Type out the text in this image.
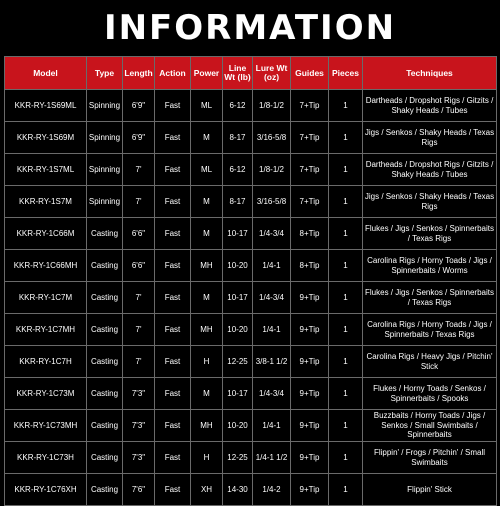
INFORMATION
Model	Type	Length	Action	Power	Line Wt (lb)	Lure Wt (oz)	Guides	Pieces	Techniques
KKR-RY-1S69ML	Spinning	6'9"	Fast	ML	6-12	1/8-1/2	7+Tip	1	Dartheads / Dropshot Rigs / Gitzits / Shaky Heads / Tubes
KKR-RY-1S69M	Spinning	6'9"	Fast	M	8-17	3/16-5/8	7+Tip	1	Jigs / Senkos / Shaky Heads / Texas Rigs
KKR-RY-1S7ML	Spinning	7'	Fast	ML	6-12	1/8-1/2	7+Tip	1	Dartheads / Dropshot Rigs / Gitzits / Shaky Heads / Tubes
KKR-RY-1S7M	Spinning	7'	Fast	M	8-17	3/16-5/8	7+Tip	1	Jigs / Senkos / Shaky Heads / Texas Rigs
KKR-RY-1C66M	Casting	6'6"	Fast	M	10-17	1/4-3/4	8+Tip	1	Flukes / Jigs / Senkos / Spinnerbaits / Texas Rigs
KKR-RY-1C66MH	Casting	6'6"	Fast	MH	10-20	1/4-1	8+Tip	1	Carolina Rigs / Horny Toads / Jigs / Spinnerbaits / Worms
KKR-RY-1C7M	Casting	7'	Fast	M	10-17	1/4-3/4	9+Tip	1	Flukes / Jigs / Senkos / Spinnerbaits / Texas Rigs
KKR-RY-1C7MH	Casting	7'	Fast	MH	10-20	1/4-1	9+Tip	1	Carolina Rigs / Horny Toads / Jigs / Spinnerbaits / Texas Rigs
KKR-RY-1C7H	Casting	7'	Fast	H	12-25	3/8-1 1/2	9+Tip	1	Carolina Rigs / Heavy Jigs / Pitchin' Stick
KKR-RY-1C73M	Casting	7'3"	Fast	M	10-17	1/4-3/4	9+Tip	1	Flukes / Horny Toads / Senkos / Spinnerbaits / Spooks
KKR-RY-1C73MH	Casting	7'3"	Fast	MH	10-20	1/4-1	9+Tip	1	Buzzbaits / Horny Toads / Jigs / Senkos / Small Swimbaits / Spinnerbaits
KKR-RY-1C73H	Casting	7'3"	Fast	H	12-25	1/4-1 1/2	9+Tip	1	Flippin' / Frogs / Pitchin' / Small Swimbaits
KKR-RY-1C76XH	Casting	7'6"	Fast	XH	14-30	1/4-2	9+Tip	1	Flippin' Stick
